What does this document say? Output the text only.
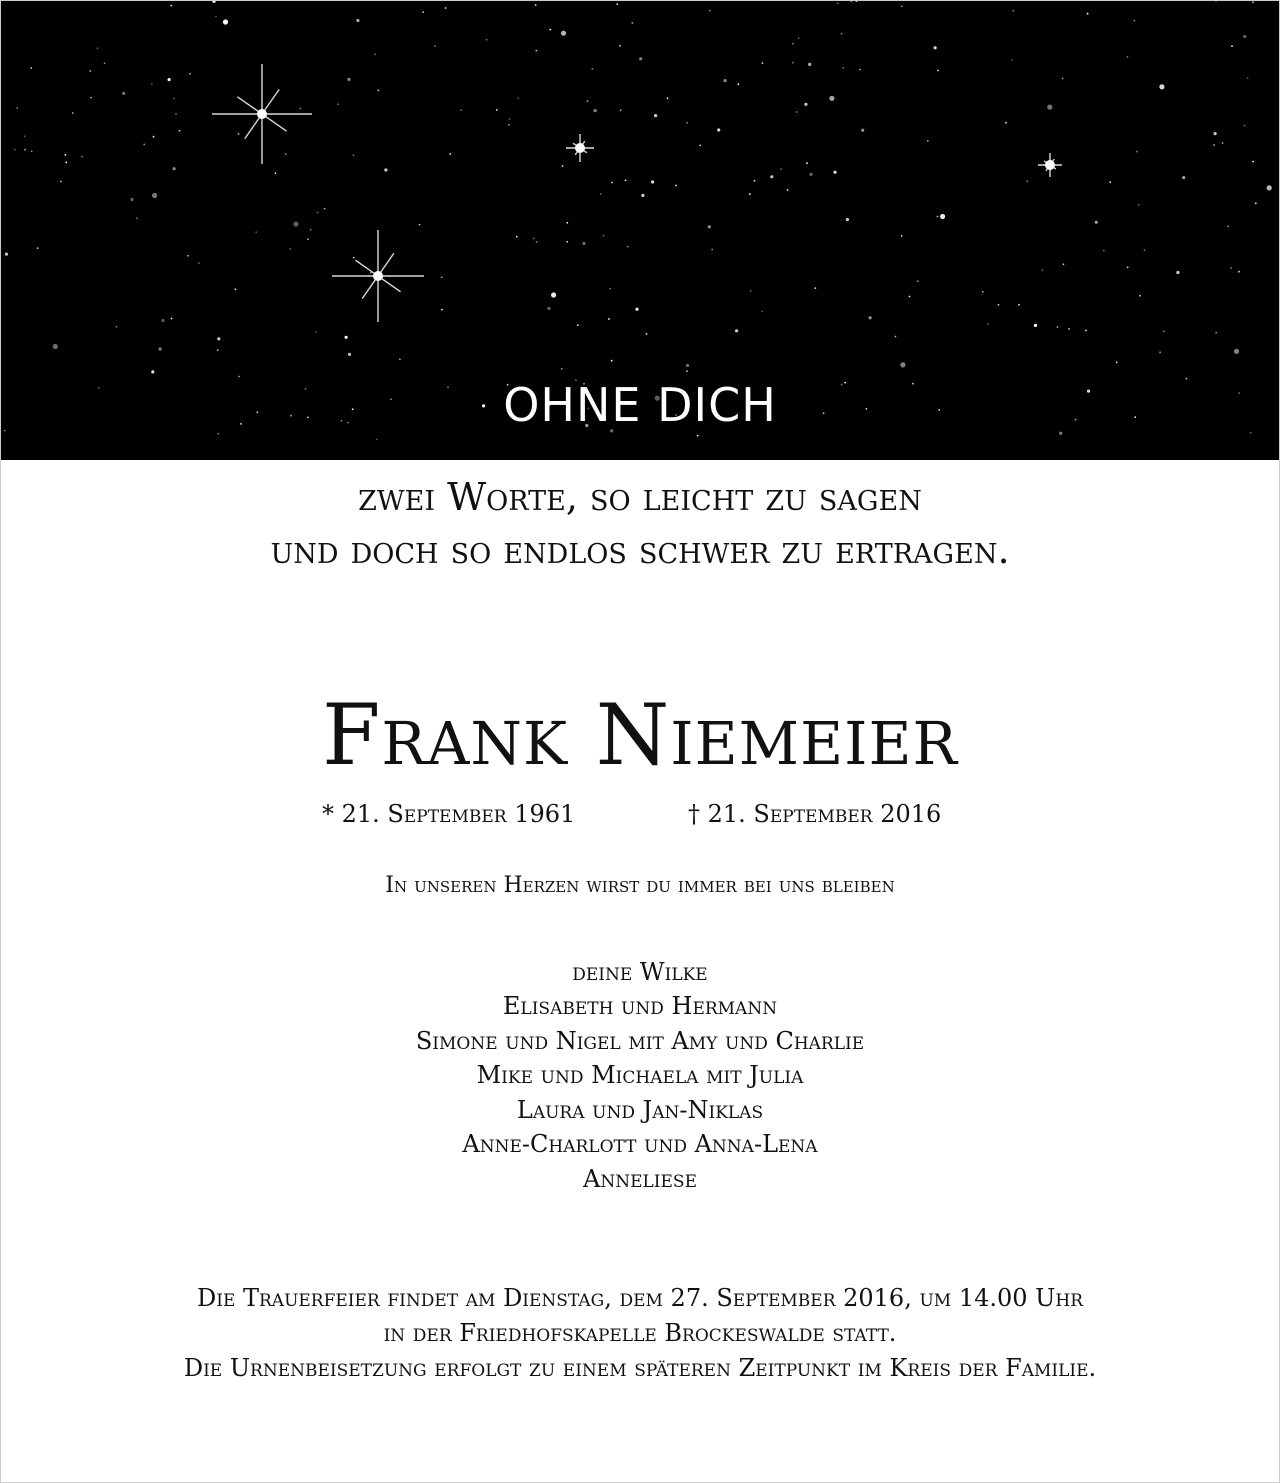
OHNE DICH
zwei Worte, so leicht zu sagen
und doch so endlos schwer zu ertragen.
Frank Niemeier
* 21. September 1961	† 21. September 2016
In unseren Herzen wirst du immer bei uns bleiben
deine Wilke
Elisabeth und Hermann
Simone und Nigel mit Amy und Charlie
Mike und Michaela mit Julia
Laura und Jan-Niklas
Anne-Charlott und Anna-Lena
Anneliese
Die Trauerfeier findet am Dienstag, dem 27. September 2016, um 14.00 Uhr
in der Friedhofskapelle Brockeswalde statt.
Die Urnenbeisetzung erfolgt zu einem späteren Zeitpunkt im Kreis der Familie.
